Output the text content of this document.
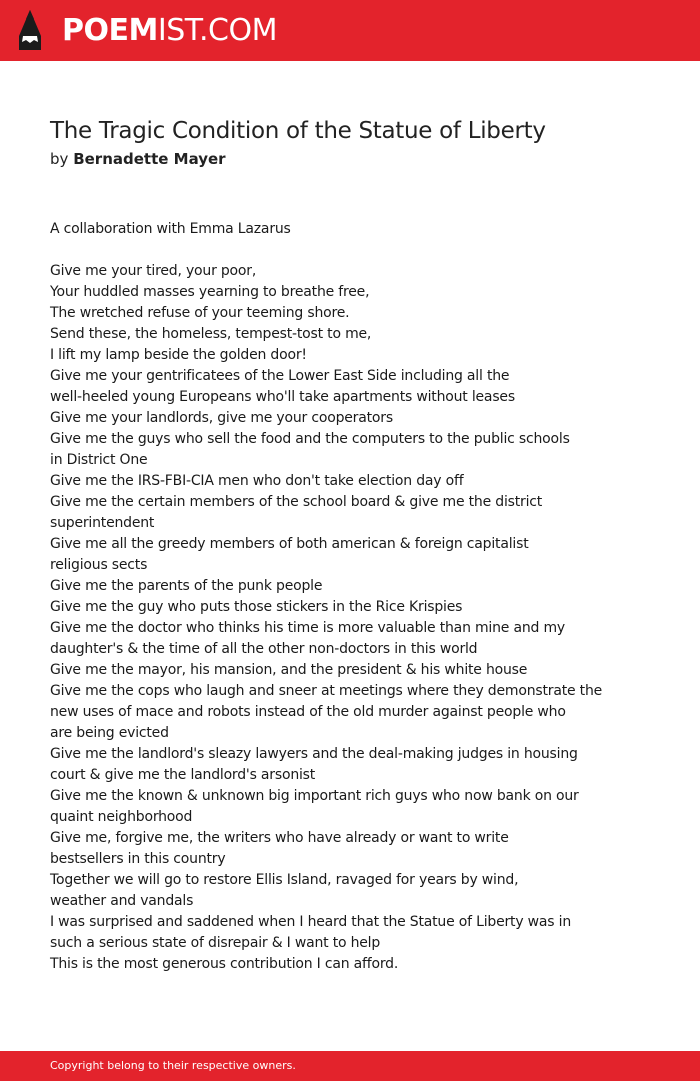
POEMIST.COM
The Tragic Condition of the Statue of Liberty
by Bernadette Mayer
A collaboration with Emma Lazarus
Give me your tired, your poor,
Your huddled masses yearning to breathe free,
The wretched refuse of your teeming shore.
Send these, the homeless, tempest-tost to me,
I lift my lamp beside the golden door!
Give me your gentrificatees of the Lower East Side including all the
well-heeled young Europeans who'll take apartments without leases
Give me your landlords, give me your cooperators
Give me the guys who sell the food and the computers to the public schools
in District One
Give me the IRS-FBI-CIA men who don't take election day off
Give me the certain members of the school board & give me the district
superintendent
Give me all the greedy members of both american & foreign capitalist
religious sects
Give me the parents of the punk people
Give me the guy who puts those stickers in the Rice Krispies
Give me the doctor who thinks his time is more valuable than mine and my
daughter's & the time of all the other non-doctors in this world
Give me the mayor, his mansion, and the president & his white house
Give me the cops who laugh and sneer at meetings where they demonstrate the
new uses of mace and robots instead of the old murder against people who
are being evicted
Give me the landlord's sleazy lawyers and the deal-making judges in housing
court & give me the landlord's arsonist
Give me the known & unknown big important rich guys who now bank on our
quaint neighborhood
Give me, forgive me, the writers who have already or want to write
bestsellers in this country
Together we will go to restore Ellis Island, ravaged for years by wind,
weather and vandals
I was surprised and saddened when I heard that the Statue of Liberty was in
such a serious state of disrepair & I want to help
This is the most generous contribution I can afford.
Copyright belong to their respective owners.
